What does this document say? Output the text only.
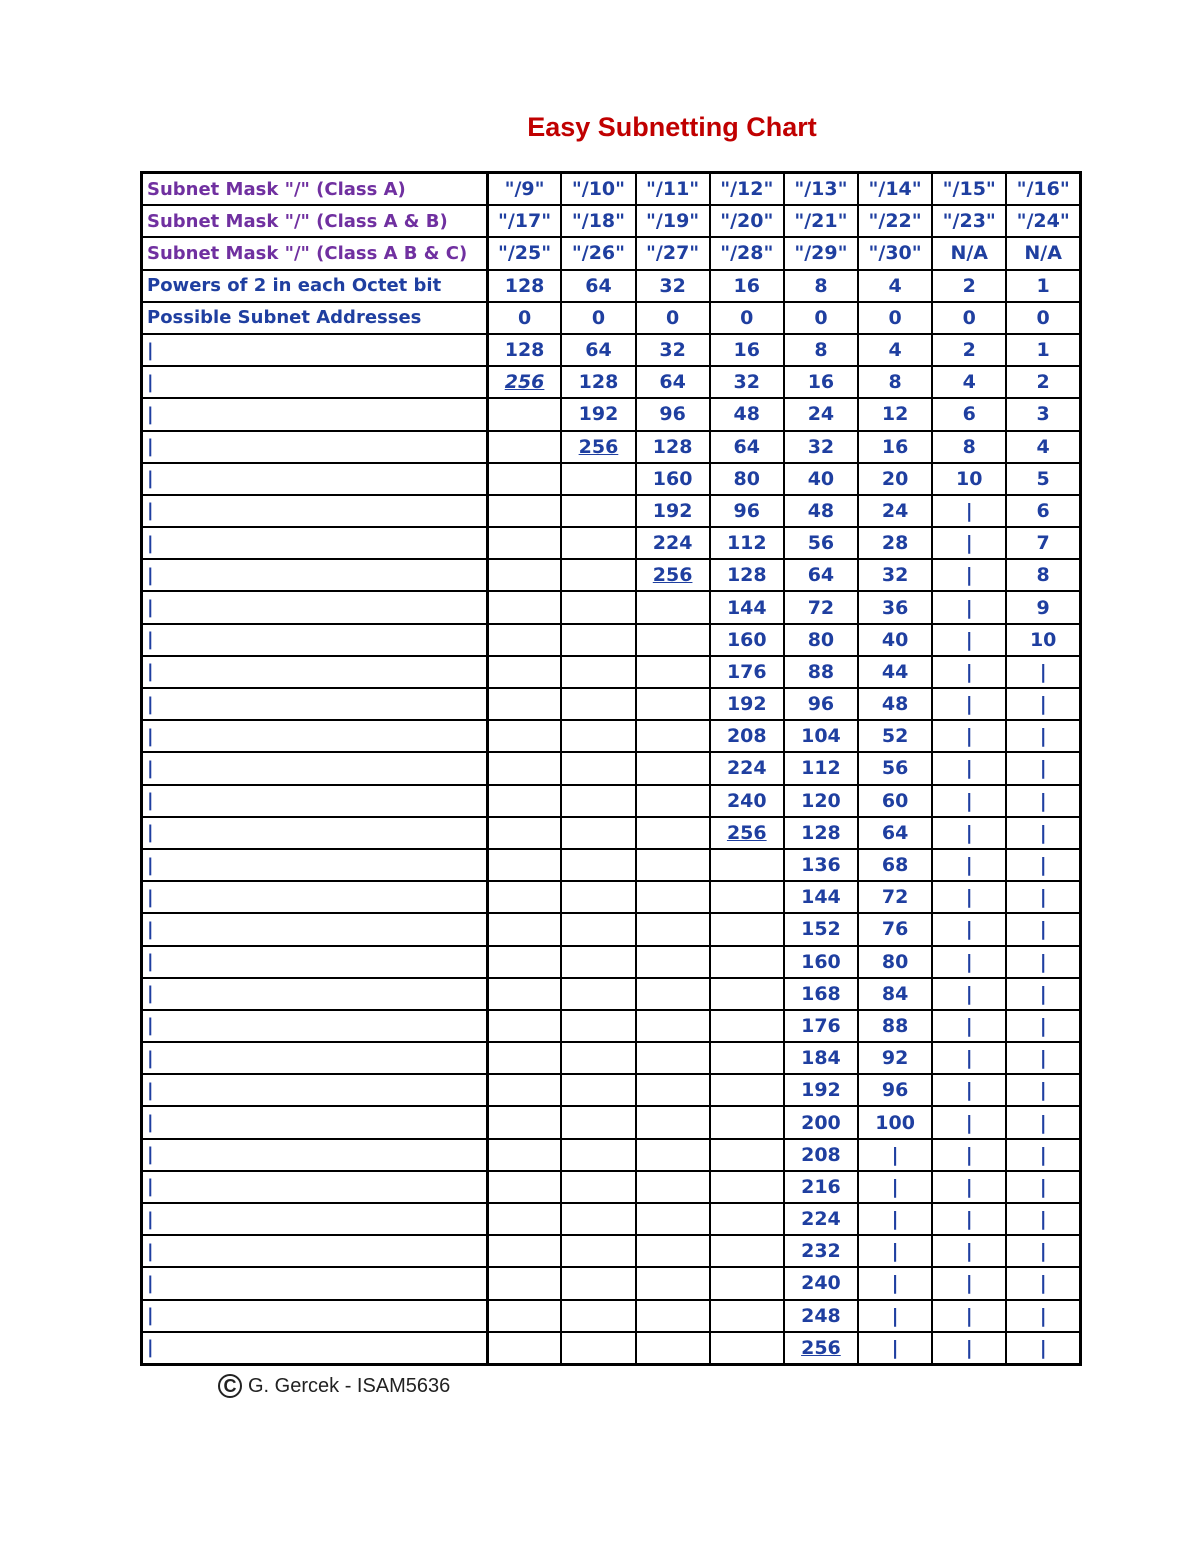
Easy Subnetting Chart
Subnet Mask "/" (Class A)	"/9"	"/10"	"/11"	"/12"	"/13"	"/14"	"/15"	"/16"
Subnet Mask "/" (Class A & B)	"/17"	"/18"	"/19"	"/20"	"/21"	"/22"	"/23"	"/24"
Subnet Mask "/" (Class A B & C)	"/25"	"/26"	"/27"	"/28"	"/29"	"/30"	N/A	N/A
Powers of 2 in each Octet bit	128	64	32	16	8	4	2	1
Possible Subnet Addresses	0	0	0	0	0	0	0	0
|	128	64	32	16	8	4	2	1
|	256	128	64	32	16	8	4	2
|		192	96	48	24	12	6	3
|		256	128	64	32	16	8	4
|			160	80	40	20	10	5
|			192	96	48	24	|	6
|			224	112	56	28	|	7
|			256	128	64	32	|	8
|				144	72	36	|	9
|				160	80	40	|	10
|				176	88	44	|	|
|				192	96	48	|	|
|				208	104	52	|	|
|				224	112	56	|	|
|				240	120	60	|	|
|				256	128	64	|	|
|					136	68	|	|
|					144	72	|	|
|					152	76	|	|
|					160	80	|	|
|					168	84	|	|
|					176	88	|	|
|					184	92	|	|
|					192	96	|	|
|					200	100	|	|
|					208	|	|	|
|					216	|	|	|
|					224	|	|	|
|					232	|	|	|
|					240	|	|	|
|					248	|	|	|
|					256	|	|	|
C G. Gercek - ISAM5636
